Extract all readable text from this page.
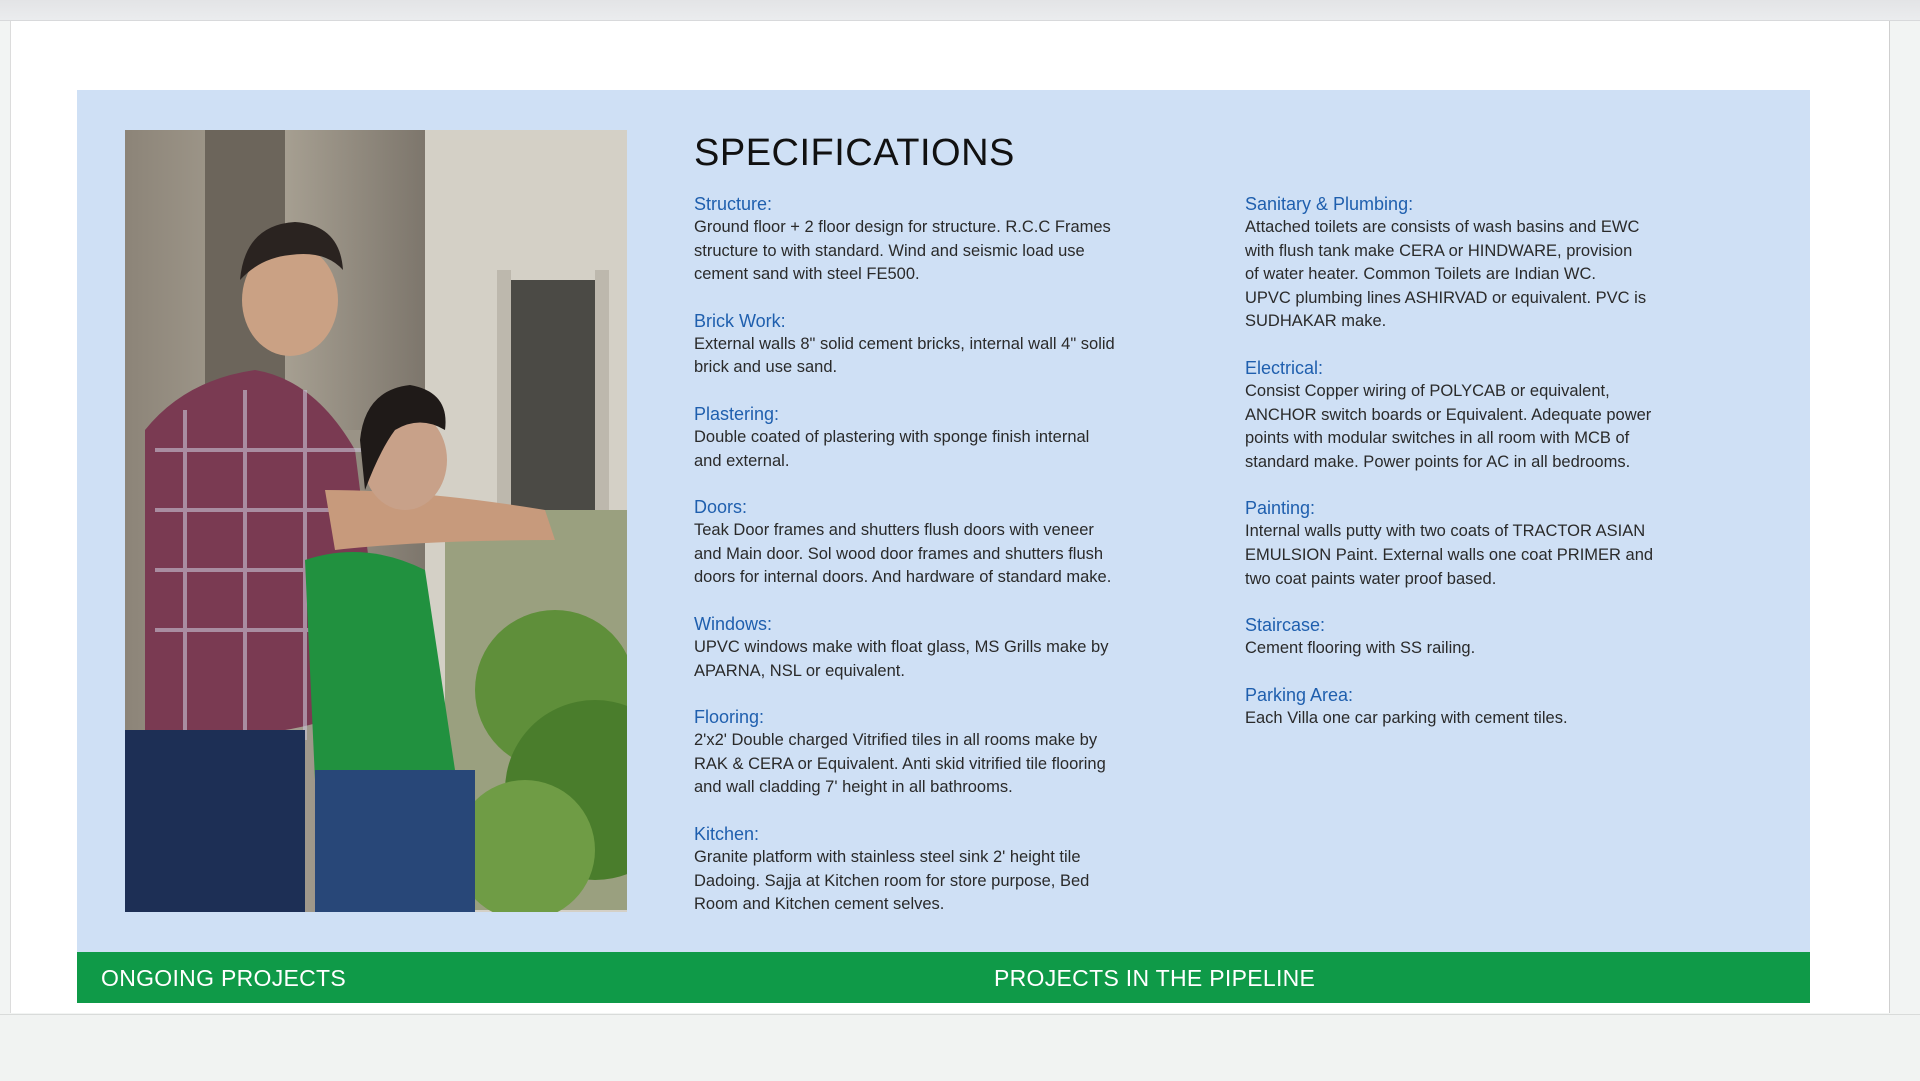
SPECIFICATIONS
Structure:
Ground floor + 2 floor design for structure. R.C.C Frames
structure to with standard. Wind and seismic load use
cement sand with steel FE500.
Brick Work:
External walls 8" solid cement bricks, internal wall 4" solid
brick and use sand.
Plastering:
Double coated of plastering with sponge finish internal
and external.
Doors:
Teak Door frames and shutters flush doors with veneer
and Main door. Sol wood door frames and shutters flush
doors for internal doors. And hardware of standard make.
Windows:
UPVC windows make with float glass, MS Grills make by
APARNA, NSL or equivalent.
Flooring:
2'x2' Double charged Vitrified tiles in all rooms make by
RAK & CERA or Equivalent. Anti skid vitrified tile flooring
and wall cladding 7' height in all bathrooms.
Kitchen:
Granite platform with stainless steel sink 2' height tile
Dadoing. Sajja at Kitchen room for store purpose, Bed
Room and Kitchen cement selves.
Sanitary & Plumbing:
Attached toilets are consists of wash basins and EWC
with flush tank make CERA or HINDWARE, provision
of water heater. Common Toilets are Indian WC.
UPVC plumbing lines ASHIRVAD or equivalent. PVC is
SUDHAKAR make.
Electrical:
Consist Copper wiring of POLYCAB or equivalent,
ANCHOR switch boards or Equivalent. Adequate power
points with modular switches in all room with MCB of
standard make. Power points for AC in all bedrooms.
Painting:
Internal walls putty with two coats of TRACTOR ASIAN
EMULSION Paint. External walls one coat PRIMER and
two coat paints water proof based.
Staircase:
Cement flooring with SS railing.
Parking Area:
Each Villa one car parking with cement tiles.
ONGOING PROJECTS	PROJECTS IN THE PIPELINE
